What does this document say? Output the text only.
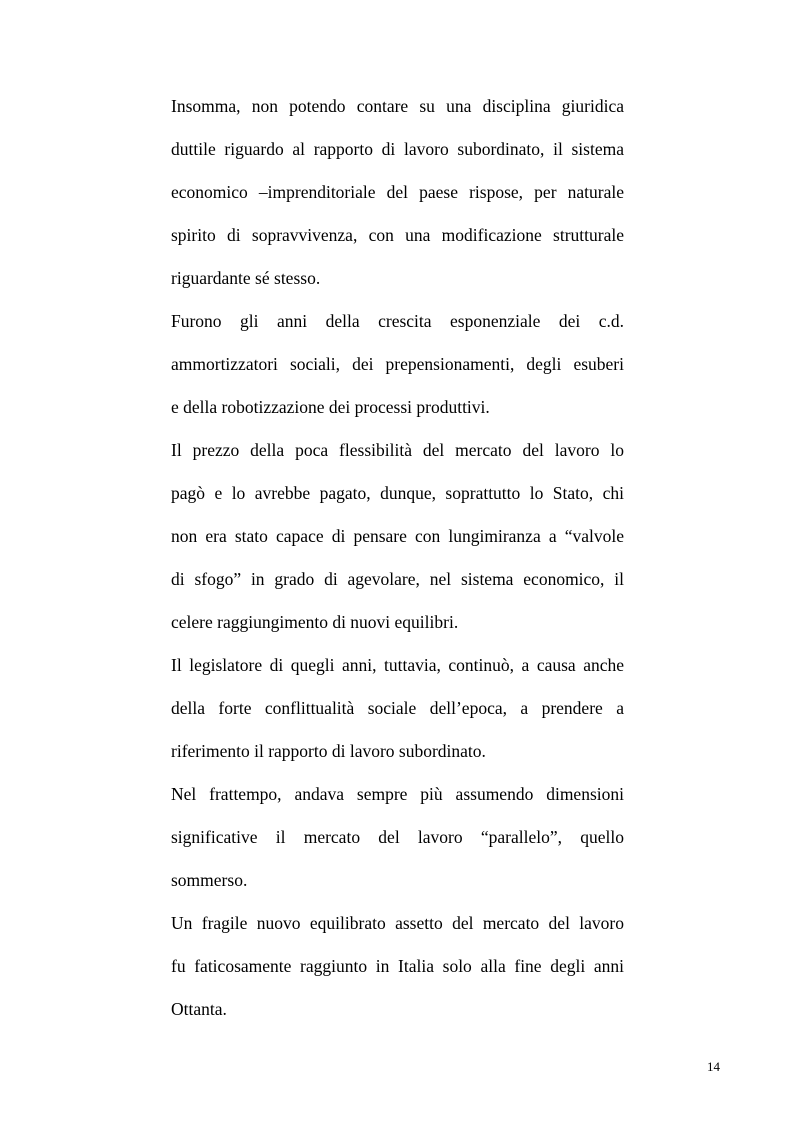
Insomma, non potendo contare su una disciplina giuridica
duttile riguardo al rapporto di lavoro subordinato, il sistema
economico –imprenditoriale del paese rispose, per naturale
spirito di sopravvivenza, con una modificazione strutturale
riguardante sé stesso.
Furono gli anni della crescita esponenziale dei c.d.
ammortizzatori sociali, dei prepensionamenti, degli esuberi
e della robotizzazione dei processi produttivi.
Il prezzo della poca flessibilità del mercato del lavoro lo
pagò e lo avrebbe pagato, dunque, soprattutto lo Stato, chi
non era stato capace di pensare con lungimiranza a “valvole
di sfogo” in grado di agevolare, nel sistema economico, il
celere raggiungimento di nuovi equilibri.
Il legislatore di quegli anni, tuttavia, continuò, a causa anche
della forte conflittualità sociale dell’epoca, a prendere a
riferimento il rapporto di lavoro subordinato.
Nel frattempo, andava sempre più assumendo dimensioni
significative il mercato del lavoro “parallelo”, quello
sommerso.
Un fragile nuovo equilibrato assetto del mercato del lavoro
fu faticosamente raggiunto in Italia solo alla fine degli anni
Ottanta.
14
